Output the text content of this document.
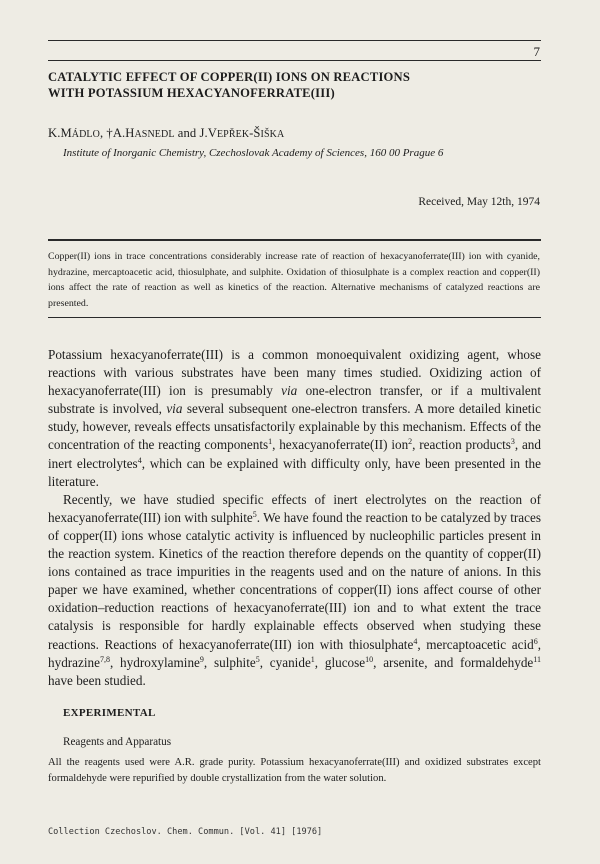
7
CATALYTIC EFFECT OF COPPER(II) IONS ON REACTIONS
WITH POTASSIUM HEXACYANOFERRATE(III)
K.MÁDLO, †A.HASNEDL and J.VEPŘEK-ŠIŠKA
Institute of Inorganic Chemistry, Czechoslovak Academy of Sciences, 160 00 Prague 6
Received, May 12th, 1974
Copper(II) ions in trace concentrations considerably increase rate of reaction of hexacyanoferrate(III) ion with cyanide, hydrazine, mercaptoacetic acid, thiosulphate, and sulphite. Oxidation of thiosulphate is a complex reaction and copper(II) ions affect the rate of reaction as well as kinetics of the reaction. Alternative mechanisms of catalyzed reactions are presented.

Potassium hexacyanoferrate(III) is a common monoequivalent oxidizing agent, whose reactions with various substrates have been many times studied. Oxidizing action of hexacyanoferrate(III) ion is presumably via one-electron transfer, or if a multivalent substrate is involved, via several subsequent one-electron transfers. A more detailed kinetic study, however, reveals effects unsatisfactorily explainable by this mechanism. Effects of the concentration of the reacting components$^1$, hexacyanoferrate(II) ion$^2$, reaction products$^3$, and inert electrolytes$^4$, which can be explained with difficulty only, have been presented in the literature.

Recently, we have studied specific effects of inert electrolytes on the reaction of hexacyanoferrate(III) ion with sulphite$^5$. We have found the reaction to be catalyzed by traces of copper(II) ions whose catalytic activity is influenced by nucleophilic particles present in the reaction system. Kinetics of the reaction therefore depends on the quantity of copper(II) ions contained as trace impurities in the reagents used and on the nature of anions. In this paper we have examined, whether concentrations of copper(II) ions affect course of other oxidation–reduction reactions of hexacyanoferrate(III) ion and to what extent the trace catalysis is responsible for hardly explainable effects observed when studying these reactions. Reactions of hexacyanoferrate(III) ion with thiosulphate$^4$, mercaptoacetic acid$^6$, hydrazine$^{7,8}$, hydroxylamine$^9$, sulphite$^5$, cyanide$^1$, glucose$^{10}$, arsenite, and formaldehyde$^{11}$ have been studied.

EXPERIMENTAL
Reagents and Apparatus
All the reagents used were A.R. grade purity. Potassium hexacyanoferrate(III) and oxidized substrates except formaldehyde were repurified by double crystallization from the water solution.
Collection Czechoslov. Chem. Commun. [Vol. 41] [1976]
